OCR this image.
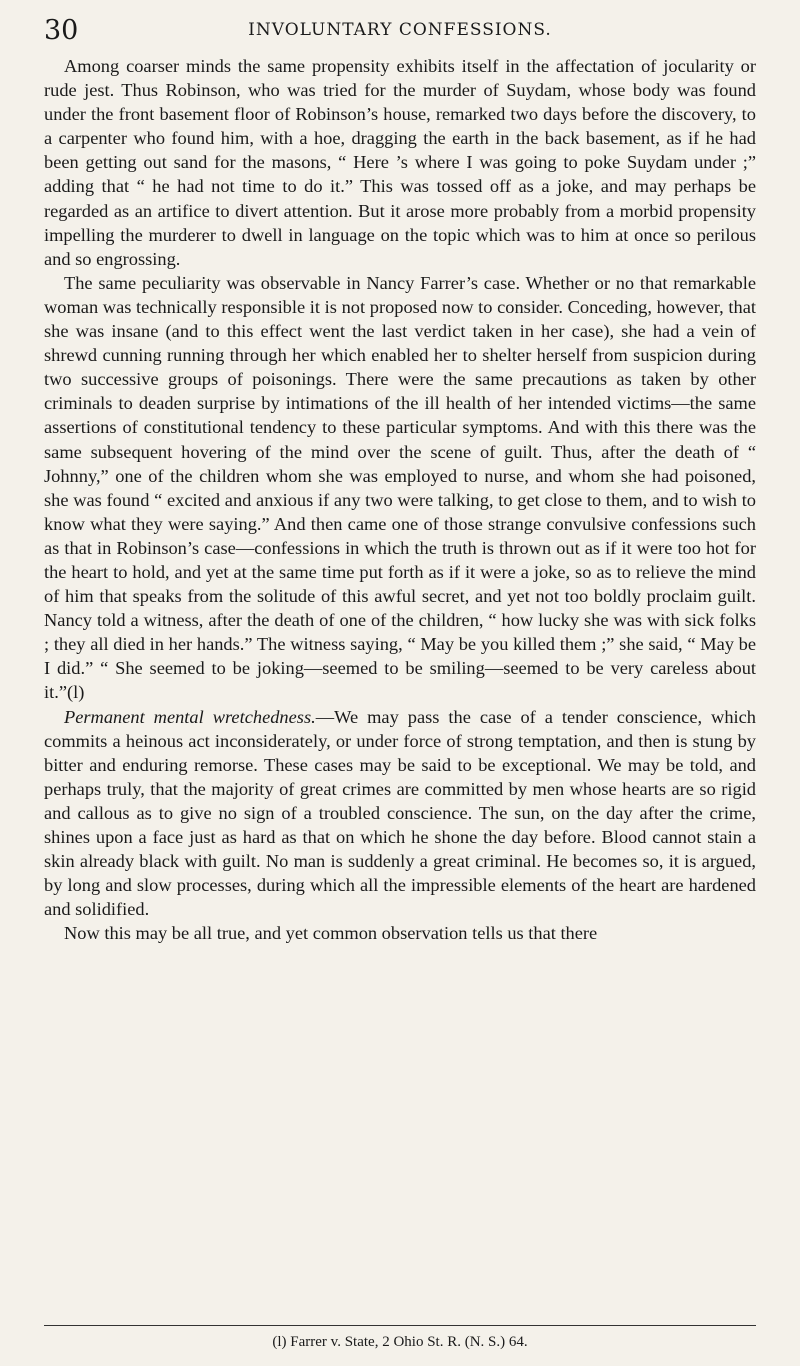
30	INVOLUNTARY CONFESSIONS.

Among coarser minds the same propensity exhibits itself in the affectation of jocularity or rude jest. Thus Robinson, who was tried for the murder of Suydam, whose body was found under the front basement floor of Robinson’s house, remarked two days before the discovery, to a carpenter who found him, with a hoe, dragging the earth in the back basement, as if he had been getting out sand for the masons, “ Here ’s where I was going to poke Suydam under ;” adding that “ he had not time to do it.” This was tossed off as a joke, and may perhaps be regarded as an artifice to divert attention. But it arose more probably from a morbid propensity impelling the murderer to dwell in language on the topic which was to him at once so perilous and so engrossing.

The same peculiarity was observable in Nancy Farrer’s case. Whether or no that remarkable woman was technically responsible it is not proposed now to consider. Conceding, however, that she was insane (and to this effect went the last verdict taken in her case), she had a vein of shrewd cunning running through her which enabled her to shelter herself from suspicion during two successive groups of poisonings. There were the same precautions as taken by other criminals to deaden surprise by intimations of the ill health of her intended victims—the same assertions of constitutional tendency to these particular symptoms. And with this there was the same subsequent hovering of the mind over the scene of guilt. Thus, after the death of “ Johnny,” one of the children whom she was employed to nurse, and whom she had poisoned, she was found “ excited and anxious if any two were talking, to get close to them, and to wish to know what they were saying.” And then came one of those strange convulsive confessions such as that in Robinson’s case—confessions in which the truth is thrown out as if it were too hot for the heart to hold, and yet at the same time put forth as if it were a joke, so as to relieve the mind of him that speaks from the solitude of this awful secret, and yet not too boldly proclaim guilt. Nancy told a witness, after the death of one of the children, “ how lucky she was with sick folks ; they all died in her hands.” The witness saying, “ May be you killed them ;” she said, “ May be I did.” “ She seemed to be joking—seemed to be smiling—seemed to be very careless about it.”(l)

Permanent mental wretchedness.—We may pass the case of a tender conscience, which commits a heinous act inconsiderately, or under force of strong temptation, and then is stung by bitter and enduring remorse. These cases may be said to be exceptional. We may be told, and perhaps truly, that the majority of great crimes are committed by men whose hearts are so rigid and callous as to give no sign of a troubled conscience. The sun, on the day after the crime, shines upon a face just as hard as that on which he shone the day before. Blood cannot stain a skin already black with guilt. No man is suddenly a great criminal. He becomes so, it is argued, by long and slow processes, during which all the impressible elements of the heart are hardened and solidified.

Now this may be all true, and yet common observation tells us that there

(l) Farrer v. State, 2 Ohio St. R. (N. S.) 64.
